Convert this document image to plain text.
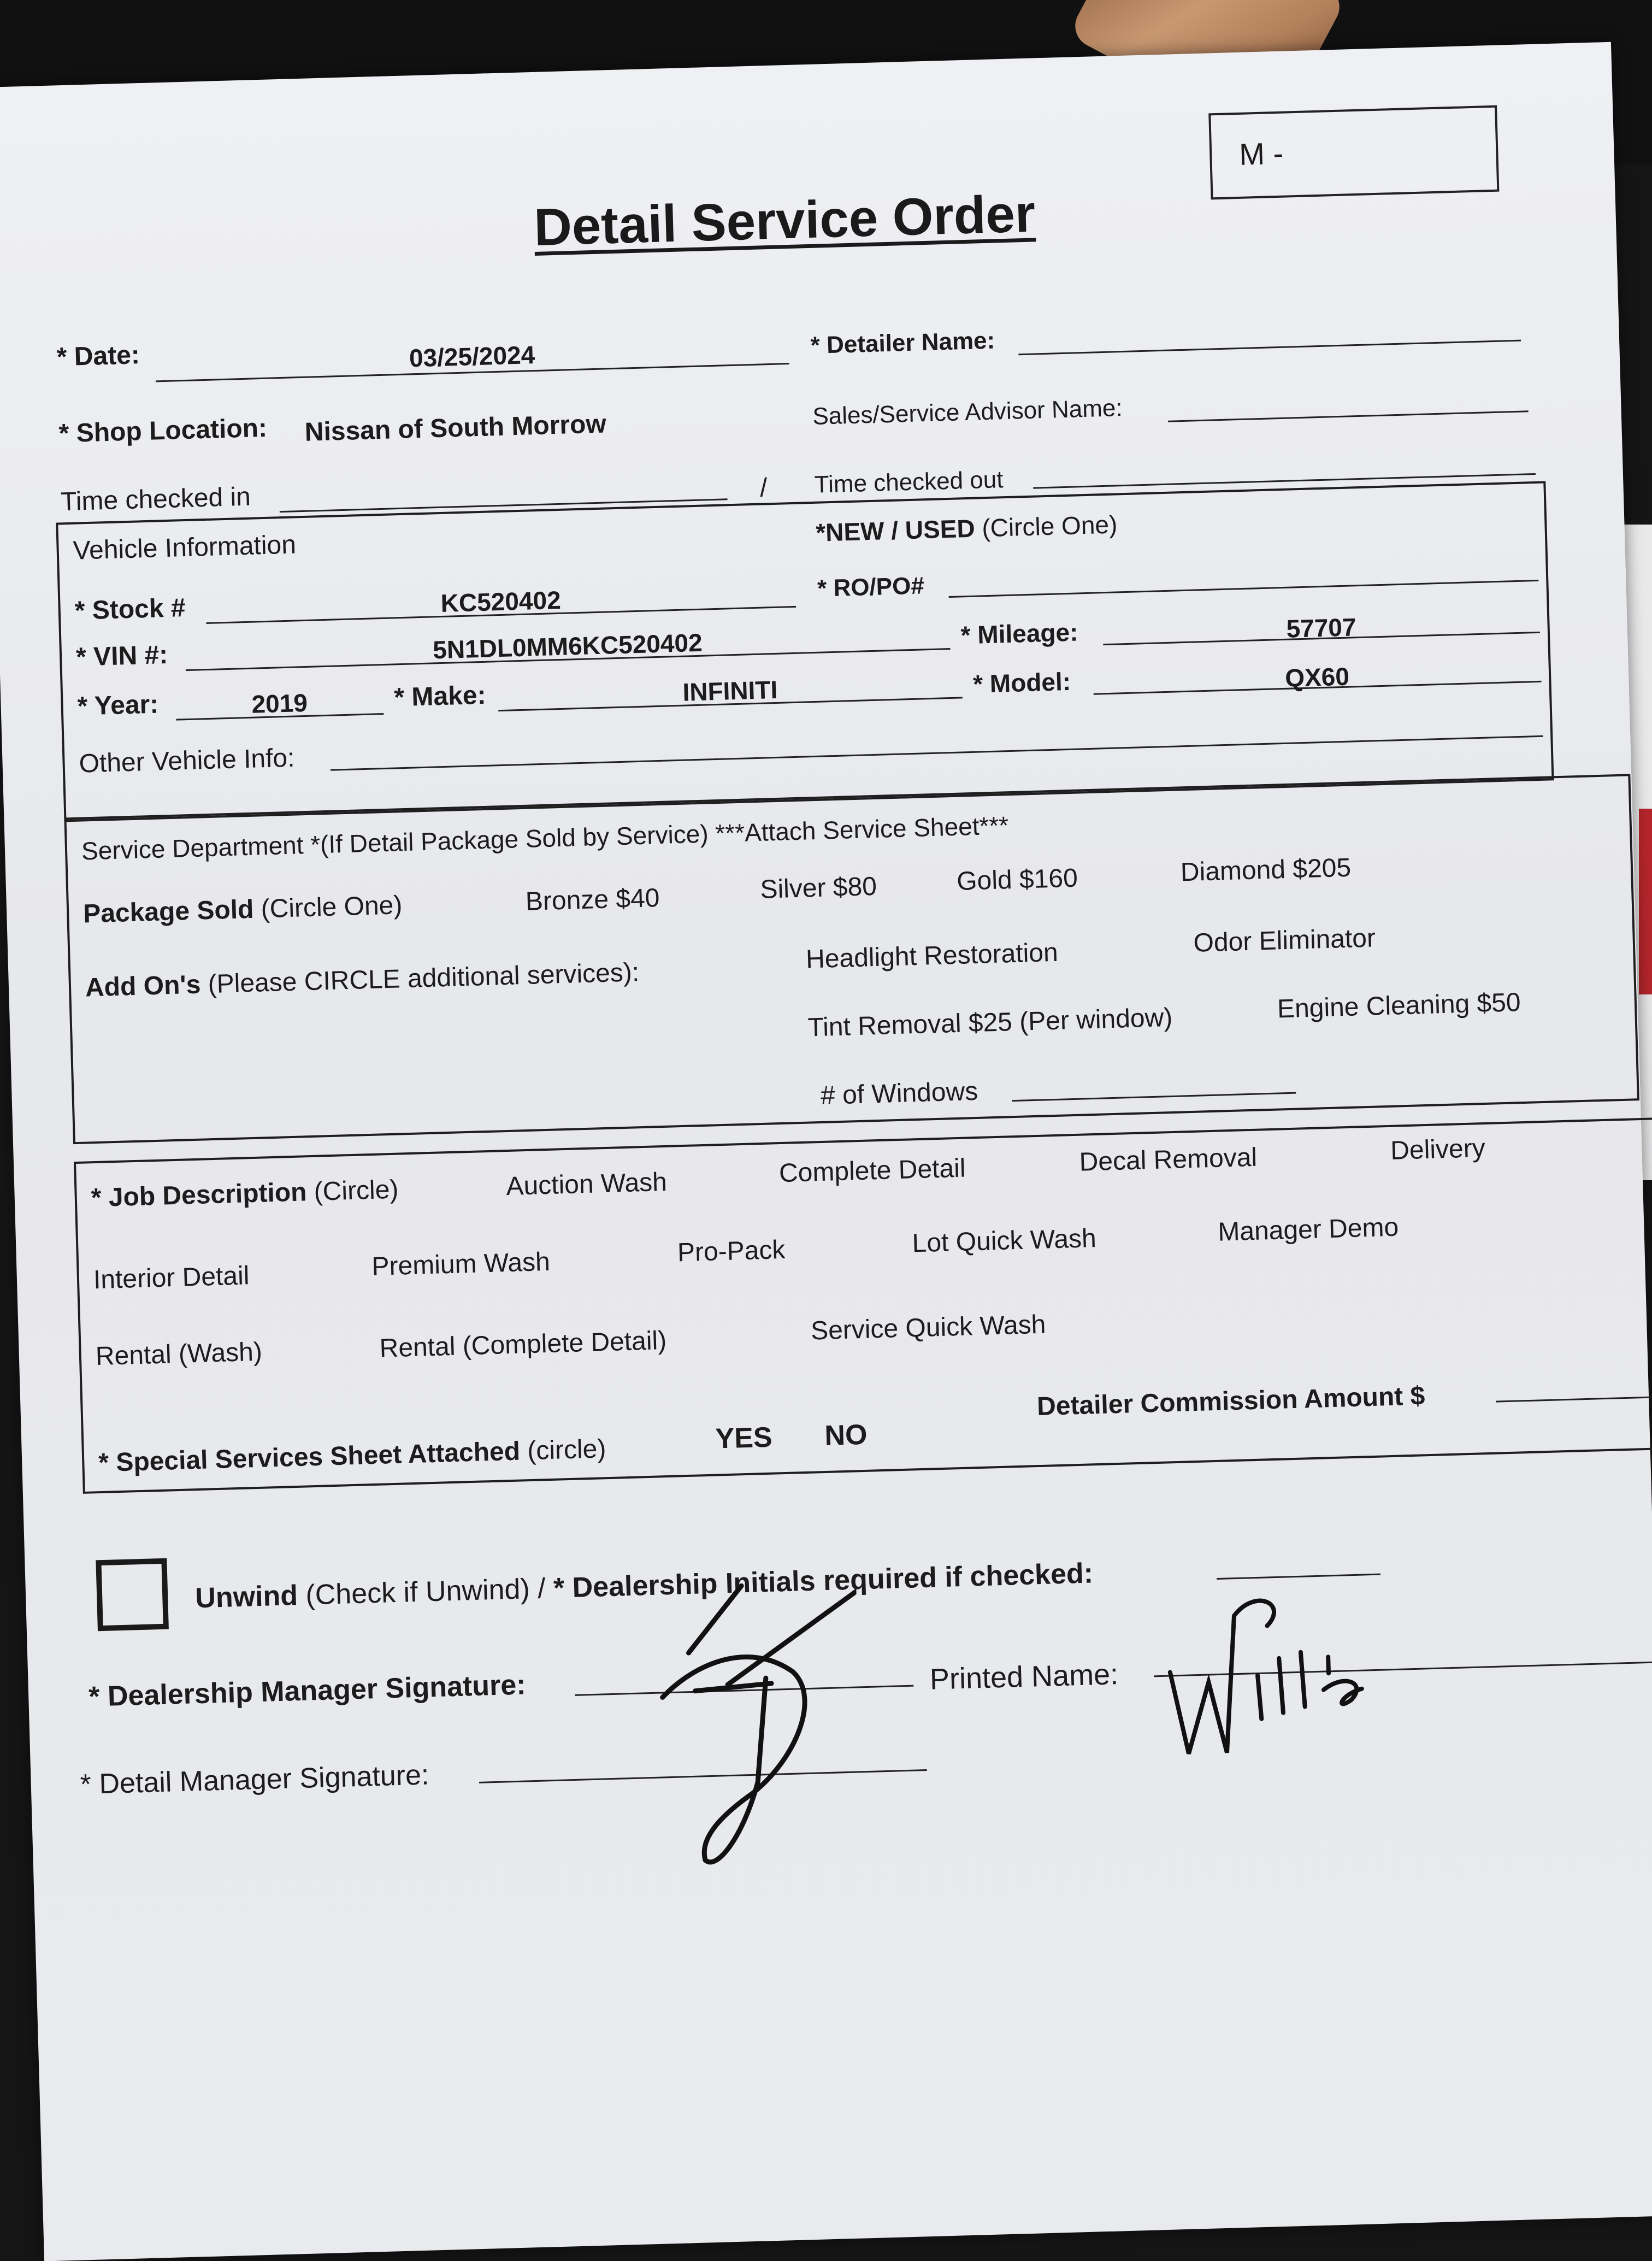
M -
Detail Service Order
* Date:	03/25/2024	* Detailer Name:
* Shop Location: Nissan of South Morrow	Sales/Service Advisor Name:
Time checked in	/ Time checked out
Vehicle Information	*NEW / USED (Circle One)
* Stock #	KC520402	* RO/PO#
* VIN #:	5N1DL0MM6KC520402	* Mileage:	57707
* Year:	2019	* Make:	INFINITI	* Model:	QX60
Other Vehicle Info:
Service Department *(If Detail Package Sold by Service) ***Attach Service Sheet***
Package Sold (Circle One)	Bronze $40	Silver $80	Gold $160	Diamond $205
Add On's (Please CIRCLE additional services):
Headlight Restoration	Odor Eliminator
Tint Removal $25 (Per window)	Engine Cleaning $50
# of Windows
* Job Description (Circle)	Auction Wash	Complete Detail	Decal Removal	Delivery
Interior Detail	Premium Wash	Pro-Pack	Lot Quick Wash	Manager Demo
Rental (Wash)	Rental (Complete Detail)	Service Quick Wash
Detailer Commission Amount $
* Special Services Sheet Attached (circle)	YES NO
Unwind (Check if Unwind) / * Dealership Initials required if checked:
* Dealership Manager Signature:	Printed Name:
* Detail Manager Signature:
